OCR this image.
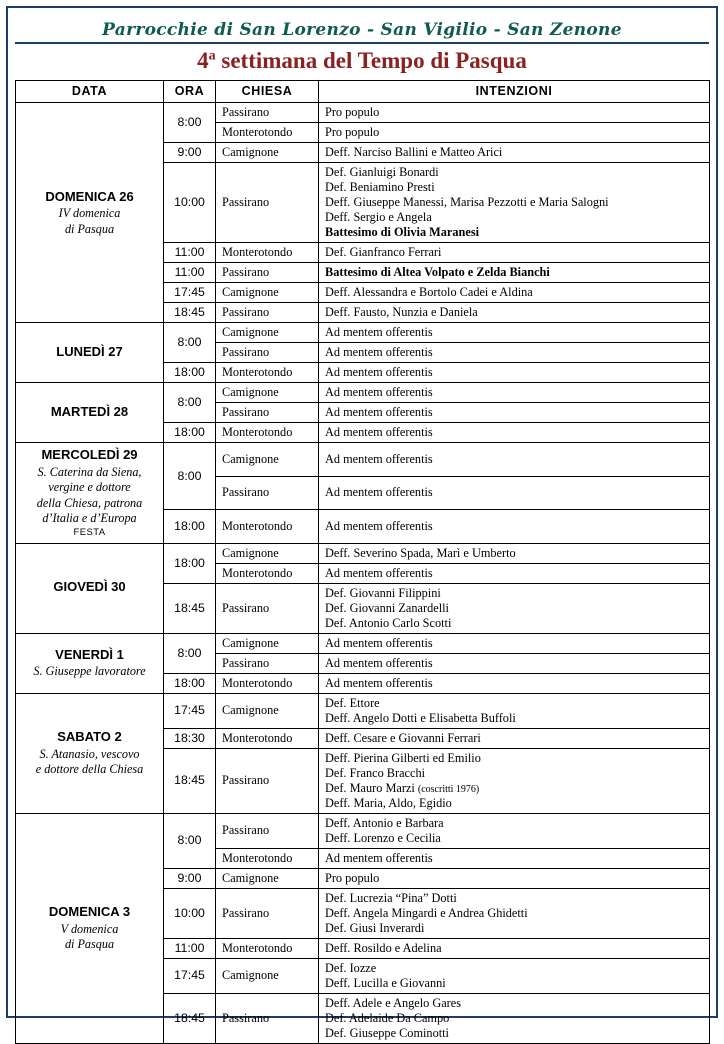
Parrocchie di San Lorenzo - San Vigilio - San Zenone
4$^a$ settimana del Tempo di Pasqua
DATA	ORA	CHIESA	INTENZIONI

DOMENICA 26
IV domenica
di Pasqua	8:00	Passirano	Pro populo

		Monterotondo	Pro populo

	9:00	Camignone	Deff. Narciso Ballini e Matteo Arici

	10:00	Passirano	Def. Gianluigi Bonardi
Def. Beniamino Presti
Deff. Giuseppe Manessi, Marisa Pezzotti e Maria Salogni
Deff. Sergio e Angela
Battesimo di Olivia Maranesi

	11:00	Monterotondo	Def. Gianfranco Ferrari

	11:00	Passirano	Battesimo di Altea Volpato e Zelda Bianchi

	17:45	Camignone	Deff. Alessandra e Bortolo Cadei e Aldina

	18:45	Passirano	Deff. Fausto, Nunzia e Daniela

LUNEDÌ 27	8:00	Camignone	Ad mentem offerentis

		Passirano	Ad mentem offerentis

	18:00	Monterotondo	Ad mentem offerentis

MARTEDÌ 28	8:00	Camignone	Ad mentem offerentis

		Passirano	Ad mentem offerentis

	18:00	Monterotondo	Ad mentem offerentis

MERCOLEDÌ 29
S. Caterina da Siena,
vergine e dottore
della Chiesa, patrona
d’Italia e d’Europa
FESTA
	8:00	Camignone	Ad mentem offerentis

		Passirano	Ad mentem offerentis

	18:00	Monterotondo	Ad mentem offerentis

GIOVEDÌ 30	18:00	Camignone	Deff. Severino Spada, Marì e Umberto

		Monterotondo	Ad mentem offerentis

	18:45	Passirano	Def. Giovanni Filippini
Def. Giovanni Zanardelli
Def. Antonio Carlo Scotti

VENERDÌ 1
S. Giuseppe lavoratore	8:00	Camignone	Ad mentem offerentis

		Passirano	Ad mentem offerentis

	18:00	Monterotondo	Ad mentem offerentis

SABATO 2
S. Atanasio, vescovo
e dottore della Chiesa	17:45	Camignone	Def. Ettore
Deff. Angelo Dotti e Elisabetta Buffoli

	18:30	Monterotondo	Deff. Cesare e Giovanni Ferrari

	18:45	Passirano	Deff. Pierina Gilberti ed Emilio
Def. Franco Bracchi
Def. Mauro Marzi (coscritti 1976)
Deff. Maria, Aldo, Egidio

DOMENICA 3
V domenica
di Pasqua	8:00	Passirano	Deff. Antonio e Barbara
Deff. Lorenzo e Cecilia

		Monterotondo	Ad mentem offerentis

	9:00	Camignone	Pro populo

	10:00	Passirano	Def. Lucrezia “Pina” Dotti
Deff. Angela Mingardi e Andrea Ghidetti
Def. Giusi Inverardi

	11:00	Monterotondo	Deff. Rosildo e Adelina

	17:45	Camignone	Def. Iozze
Deff. Lucilla e Giovanni

	18:45	Passirano	Deff. Adele e Angelo Gares
Def. Adelaide Da Campo
Def. Giuseppe Cominotti
